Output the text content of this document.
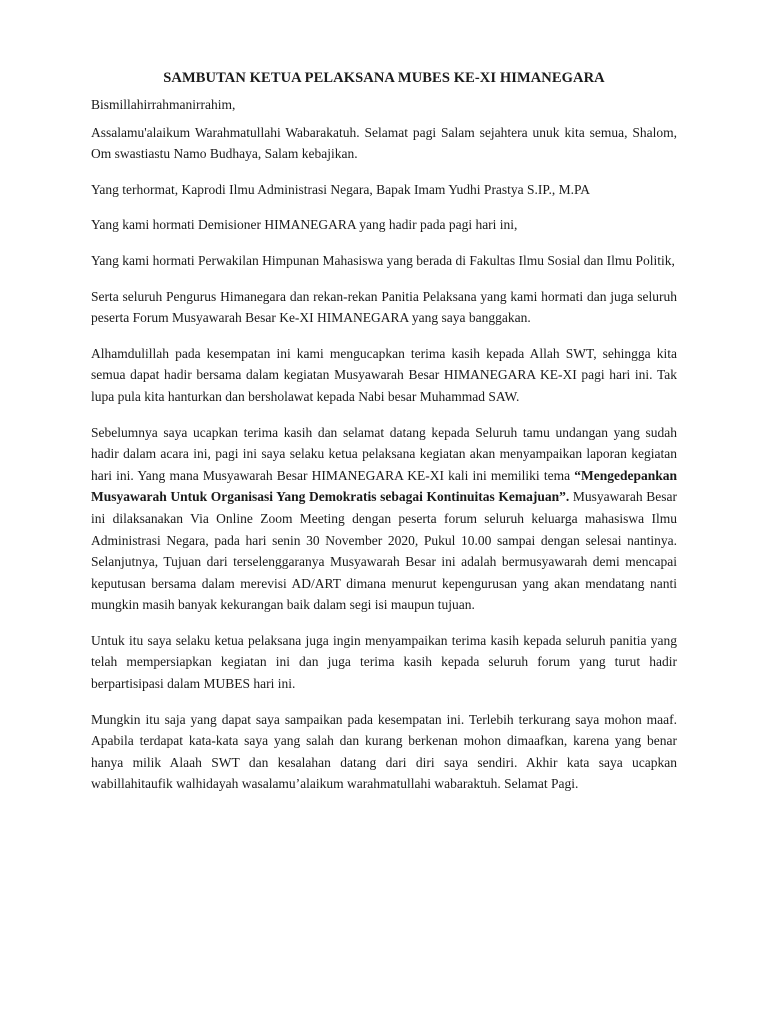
SAMBUTAN KETUA PELAKSANA MUBES KE-XI HIMANEGARA

Bismillahirrahmanirrahim,

Assalamu'alaikum Warahmatullahi Wabarakatuh. Selamat pagi Salam sejahtera unuk kita semua, Shalom, Om swastiastu Namo Budhaya, Salam kebajikan.

Yang terhormat, Kaprodi Ilmu Administrasi Negara, Bapak Imam Yudhi Prastya S.IP., M.PA

Yang kami hormati Demisioner HIMANEGARA yang hadir pada pagi hari ini,

Yang kami hormati Perwakilan Himpunan Mahasiswa yang berada di Fakultas Ilmu Sosial dan Ilmu Politik,

Serta seluruh Pengurus Himanegara dan rekan-rekan Panitia Pelaksana yang kami hormati dan juga seluruh peserta Forum Musyawarah Besar Ke-XI HIMANEGARA yang saya banggakan.

Alhamdulillah pada kesempatan ini kami mengucapkan terima kasih kepada Allah SWT, sehingga kita semua dapat hadir bersama dalam kegiatan Musyawarah Besar HIMANEGARA KE-XI pagi hari ini. Tak lupa pula kita hanturkan dan bersholawat kepada Nabi besar Muhammad SAW.

Sebelumnya saya ucapkan terima kasih dan selamat datang kepada Seluruh tamu undangan yang sudah hadir dalam acara ini, pagi ini saya selaku ketua pelaksana kegiatan akan menyampaikan laporan kegiatan hari ini. Yang mana Musyawarah Besar HIMANEGARA KE-XI kali ini memiliki tema “Mengedepankan Musyawarah Untuk Organisasi Yang Demokratis sebagai Kontinuitas Kemajuan”. Musyawarah Besar ini dilaksanakan Via Online Zoom Meeting dengan peserta forum seluruh keluarga mahasiswa Ilmu Administrasi Negara, pada hari senin 30 November 2020, Pukul 10.00 sampai dengan selesai nantinya. Selanjutnya, Tujuan dari terselenggaranya Musyawarah Besar ini adalah bermusyawarah demi mencapai keputusan bersama dalam merevisi AD/ART dimana menurut kepengurusan yang akan mendatang nanti mungkin masih banyak kekurangan baik dalam segi isi maupun tujuan.

Untuk itu saya selaku ketua pelaksana juga ingin menyampaikan terima kasih kepada seluruh panitia yang telah mempersiapkan kegiatan ini dan juga terima kasih kepada seluruh forum yang turut hadir berpartisipasi dalam MUBES hari ini.

Mungkin itu saja yang dapat saya sampaikan pada kesempatan ini. Terlebih terkurang saya mohon maaf. Apabila terdapat kata-kata saya yang salah dan kurang berkenan mohon dimaafkan, karena yang benar hanya milik Alaah SWT dan kesalahan datang dari diri saya sendiri. Akhir kata saya ucapkan wabillahitaufik walhidayah wasalamu’alaikum warahmatullahi wabaraktuh. Selamat Pagi.
